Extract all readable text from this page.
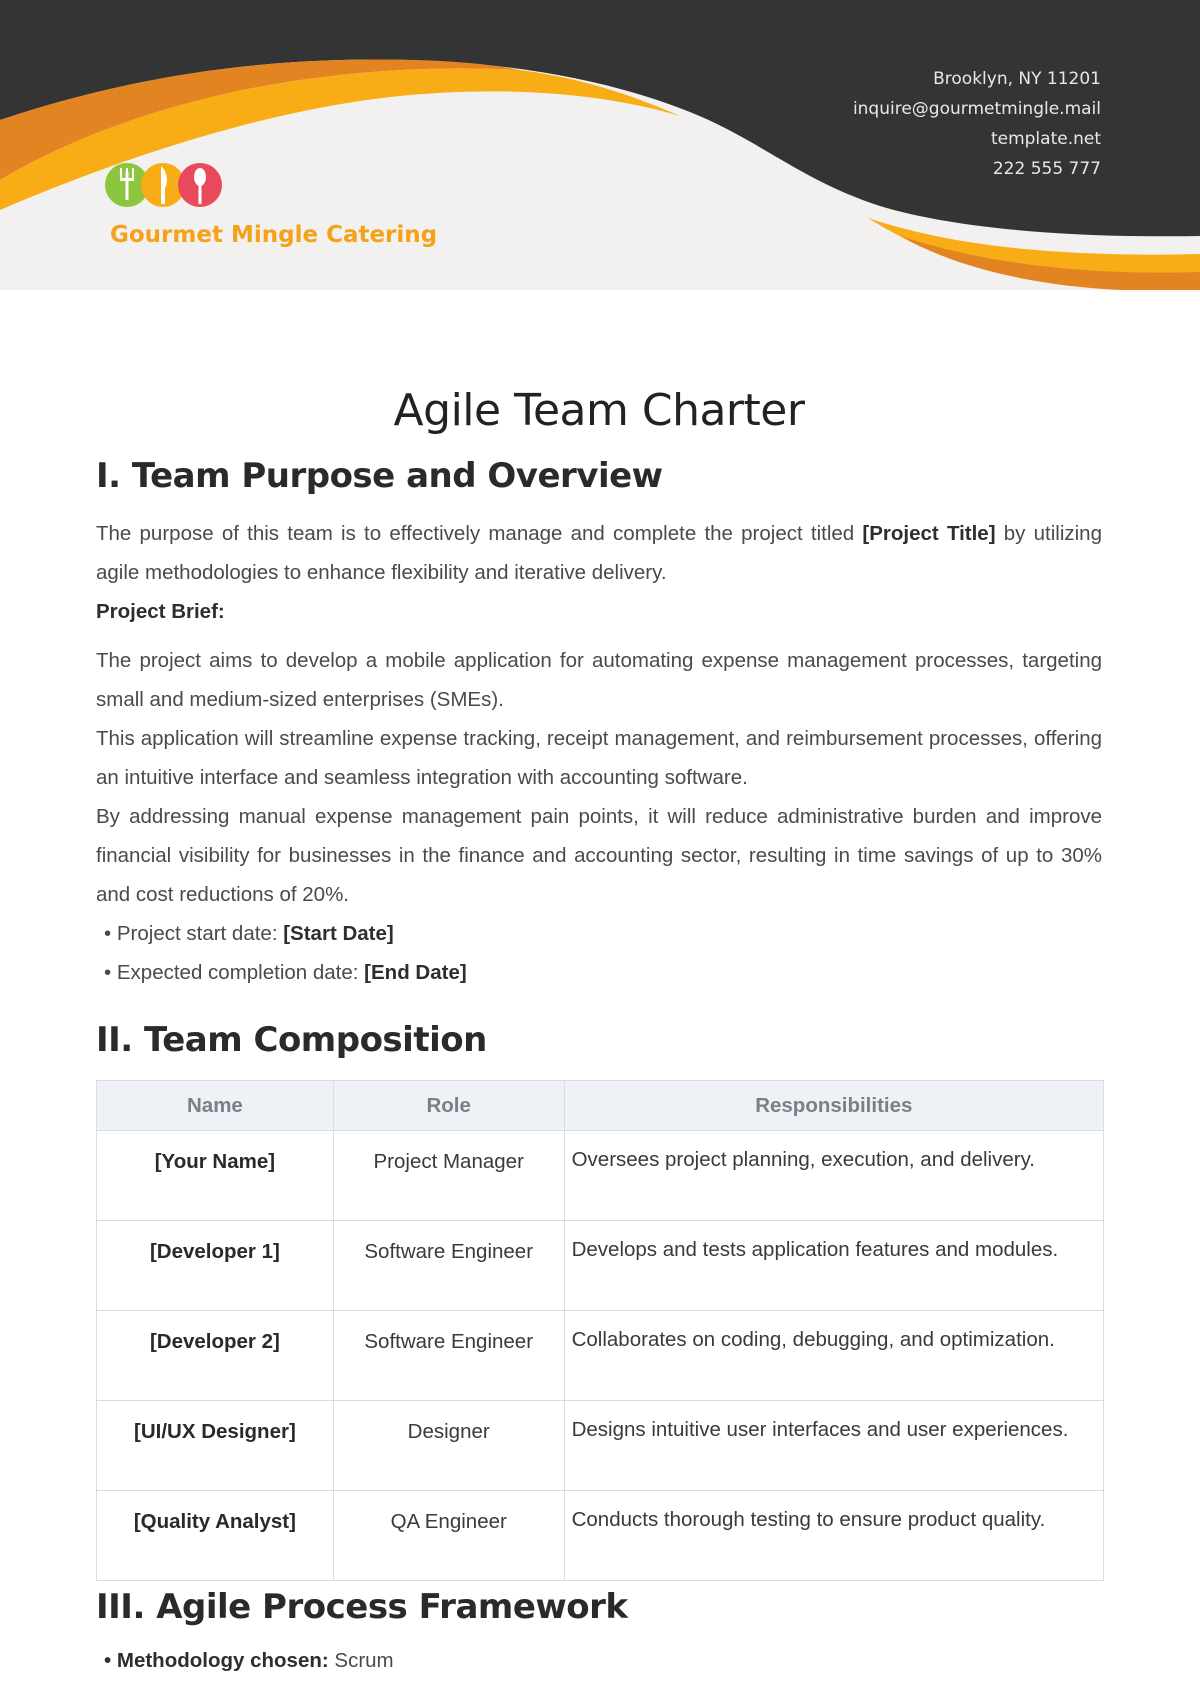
Gourmet Mingle Catering
Brooklyn, NY 11201
inquire@gourmetmingle.mail
template.net
222 555 777
Agile Team Charter
I. Team Purpose and Overview

The purpose of this team is to effectively manage and complete the project titled [Project Title] by utilizing agile methodologies to enhance flexibility and iterative delivery.

Project Brief:

The project aims to develop a mobile application for automating expense management processes, targeting small and medium-sized enterprises (SMEs).

This application will streamline expense tracking, receipt management, and reimbursement processes, offering an intuitive interface and seamless integration with accounting software.

By addressing manual expense management pain points, it will reduce administrative burden and improve financial visibility for businesses in the finance and accounting sector, resulting in time savings of up to 30% and cost reductions of 20%.

• Project start date: [Start Date]
• Expected completion date: [End Date]
II. Team Composition
Name	Role	Responsibilities
[Your Name]	Project Manager	Oversees project planning, execution, and delivery.
[Developer 1]	Software Engineer	Develops and tests application features and modules.
[Developer 2]	Software Engineer	Collaborates on coding, debugging, and optimization.
[UI/UX Designer]	Designer	Designs intuitive user interfaces and user experiences.
[Quality Analyst]	QA Engineer	Conducts thorough testing to ensure product quality.
III. Agile Process Framework
• Methodology chosen: Scrum
